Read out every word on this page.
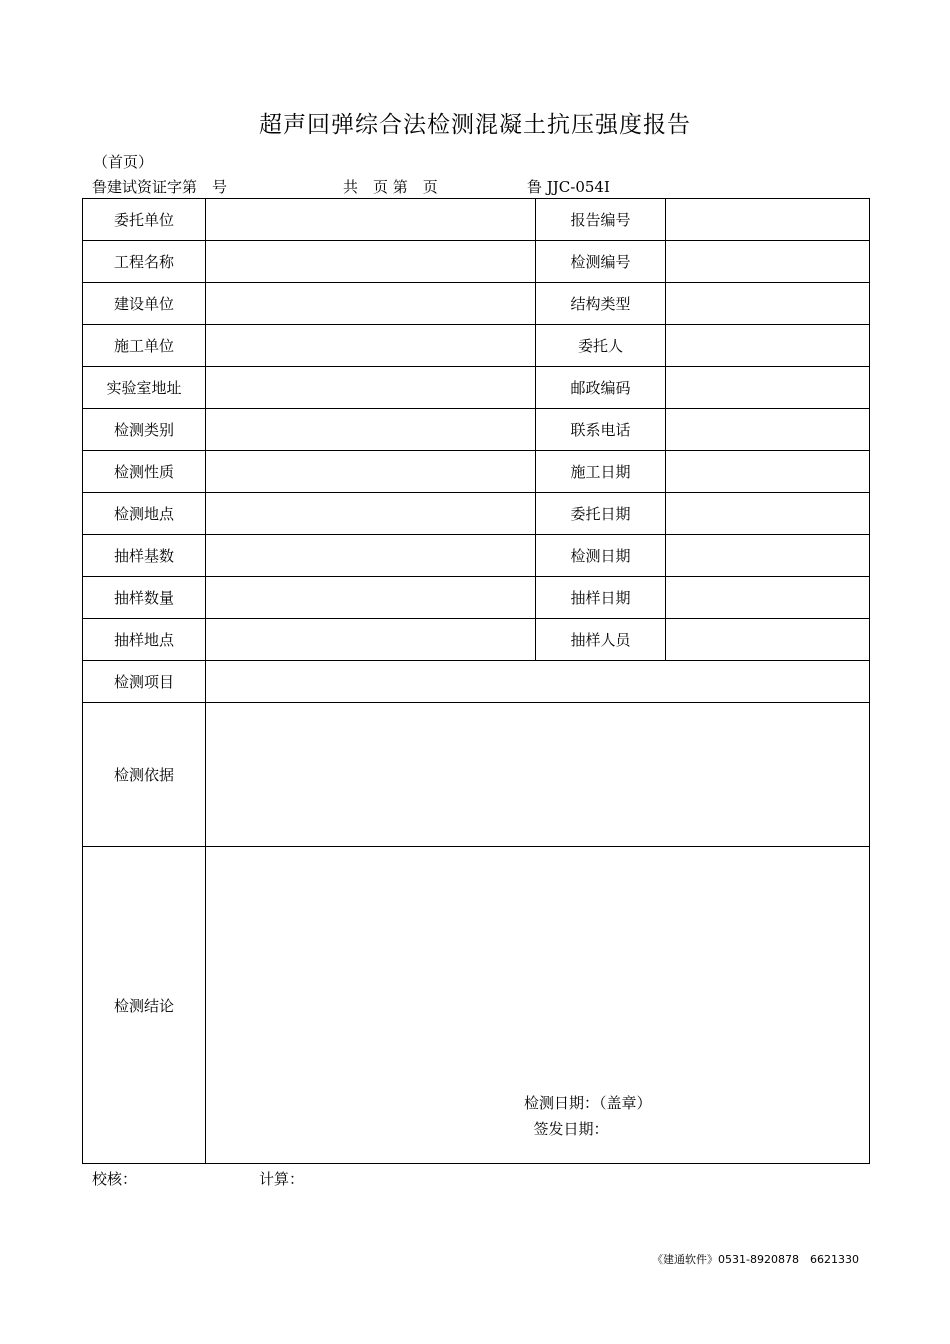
超声回弹综合法检测混凝土抗压强度报告
（首页）
鲁建试资证字第　号	共　页 第　页	鲁 JJC-054Ⅰ
委托单位		报告编号	
工程名称		检测编号	
建设单位		结构类型	
施工单位		委托人	
实验室地址		邮政编码	
检测类别		联系电话	
检测性质		施工日期	
检测地点		委托日期	
抽样基数		检测日期	
抽样数量		抽样日期	
抽样地点		抽样人员	
检测项目			
检测依据			
检测结论	检测日期：（盖章）
签发日期：		
校核：	计算：
《建通软件》0531-8920878　6621330
